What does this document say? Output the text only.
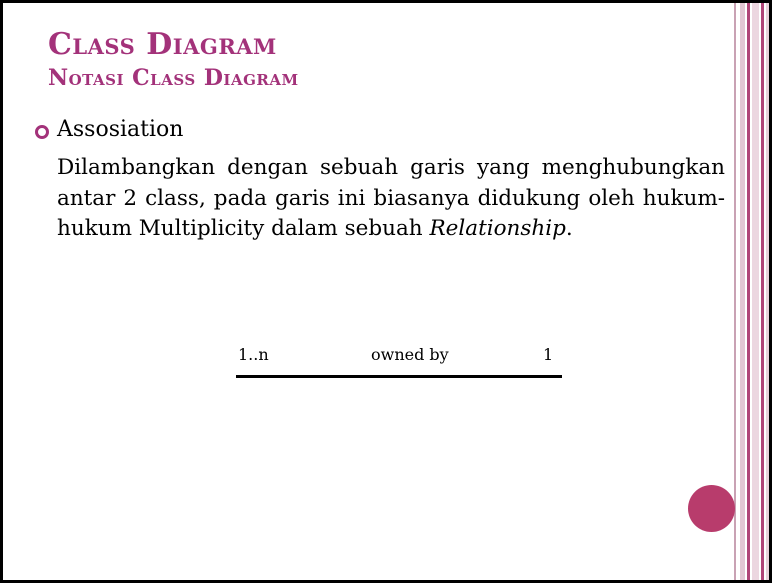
Class Diagram
Notasi Class Diagram
Assosiation

Dilambangkan dengan sebuah garis yang menghubungkan antar 2 class, pada garis ini biasanya didukung oleh hukum-hukum Multiplicity dalam sebuah Relationship.

1..n	owned by	1
